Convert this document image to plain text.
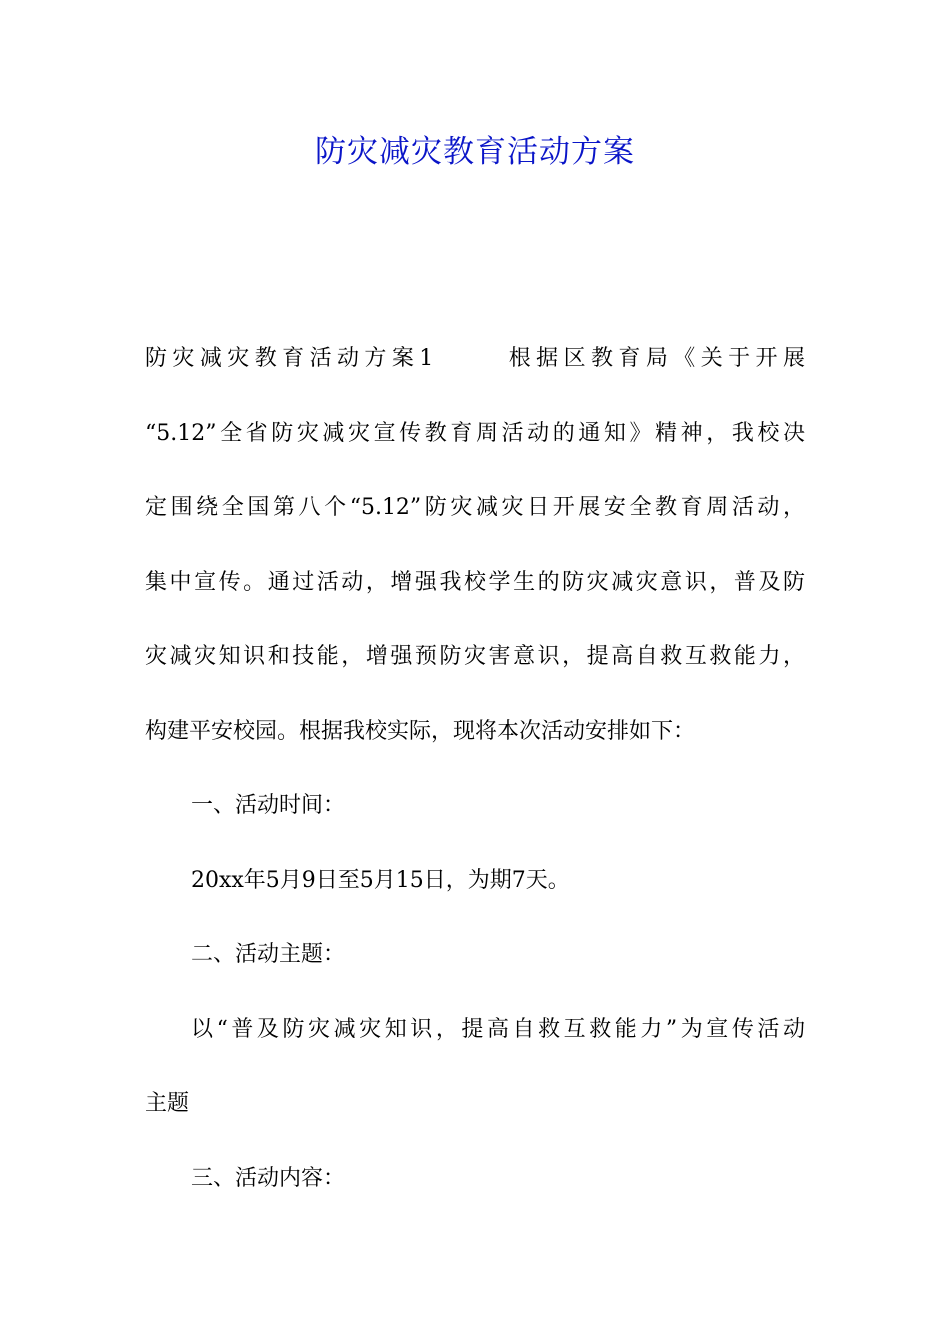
防灾减灾教育活动方案
防灾减灾教育活动方案1	根据区教育局《关于开展
“5.12”全省防灾减灾宣传教育周活动的通知》精神，我校决
定围绕全国第八个“5.12”防灾减灾日开展安全教育周活动，
集中宣传。通过活动，增强我校学生的防灾减灾意识，普及防
灾减灾知识和技能，增强预防灾害意识，提高自救互救能力，
构建平安校园。根据我校实际，现将本次活动安排如下：
一、活动时间：
20xx年5月9日至5月15日，为期7天。
二、活动主题：
以“普及防灾减灾知识，提高自救互救能力”为宣传活动
主题
三、活动内容：
